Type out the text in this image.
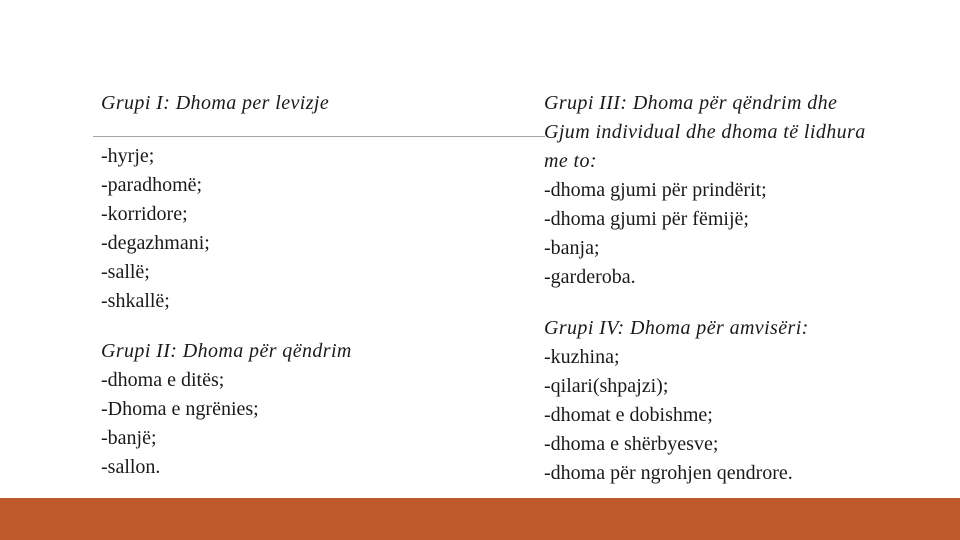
Grupi I: Dhoma per levizje
-hyrje;
-paradhomë;
-korridore;
-degazhmani;
-sallë;
-shkallë;
Grupi II: Dhoma për qëndrim
-dhoma e ditës;
-Dhoma e ngrënies;
-banjë;
-sallon.
Grupi III: Dhoma për qëndrim dhe
Gjum individual dhe dhoma të lidhura
me to:
-dhoma gjumi për prindërit;
-dhoma gjumi për fëmijë;
-banja;
-garderoba.
Grupi IV: Dhoma për amvisëri:
-kuzhina;
-qilari(shpajzi);
-dhomat e dobishme;
-dhoma e shërbyesve;
-dhoma për ngrohjen qendrore.
